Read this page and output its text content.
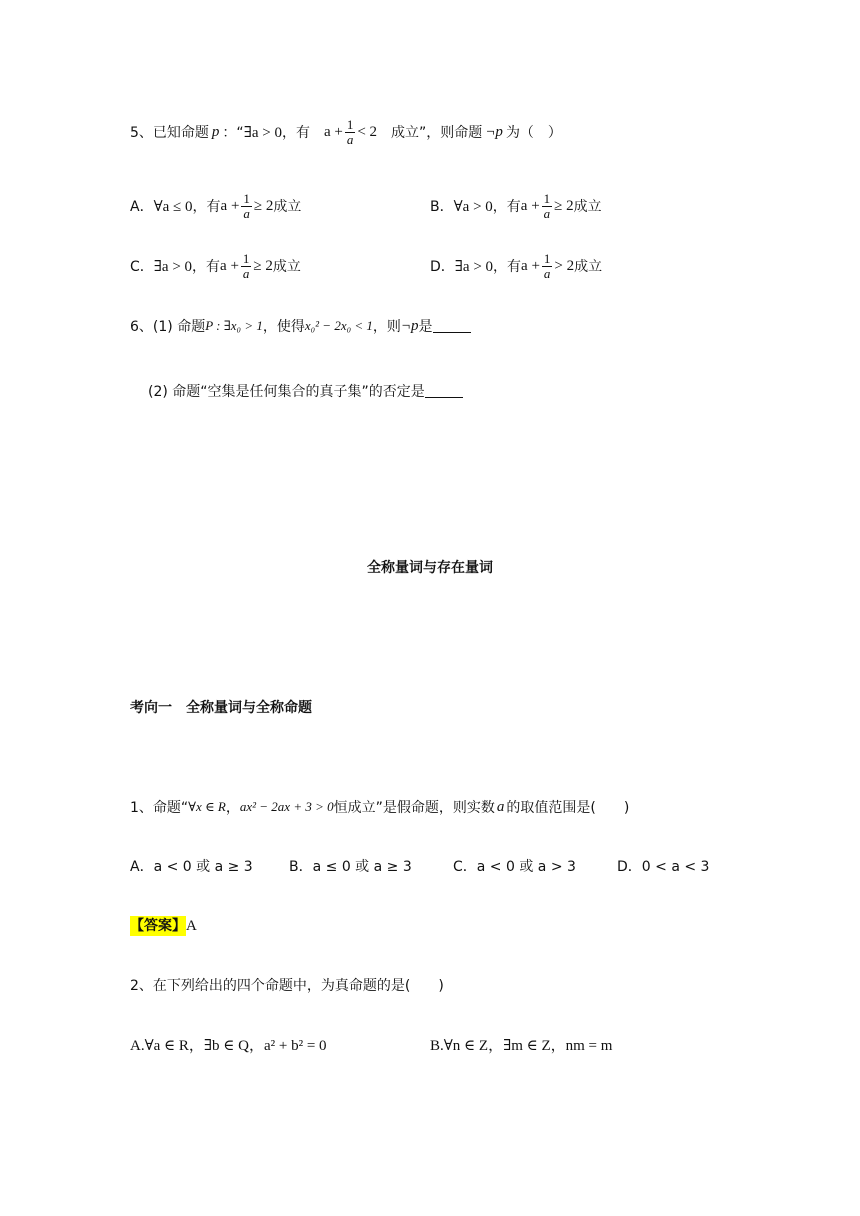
5、已知命题 p ：“ ∃a > 0 ，有 $a + \frac{1}{a} < 2$ 成立”，则命题 ¬p 为（　）
A． ∀a ≤ 0 ，有 $a + \frac{1}{a} \ge 2$ 成立	B． ∀a > 0 ，有 $a + \frac{1}{a} \ge 2$ 成立
C． ∃a > 0 ，有 $a + \frac{1}{a} \ge 2$ 成立	D． ∃a > 0 ，有 $a + \frac{1}{a} > 2$ 成立
6、(1) 命题 P : ∃x₀ > 1 ，使得 x₀² − 2x₀ < 1 ，则 ¬p 是
(2) 命题“空集是任何集合的真子集”的否定是
全称量词与存在量词
考向一　全称量词与全称命题
1、命题“ ∀x ∈ R ， ax² − 2ax + 3 > 0 恒成立”是假命题，则实数 a 的取值范围是(　　)
A．a < 0 或 a ≥ 3	B．a ≤ 0 或 a ≥ 3	C．a < 0 或 a > 3	D．0 < a < 3
【答案】A
2、在下列给出的四个命题中，为真命题的是(　　)
A.∀a ∈ R，∃b ∈ Q，a² + b² = 0	B.∀n ∈ Z，∃m ∈ Z，nm = m
